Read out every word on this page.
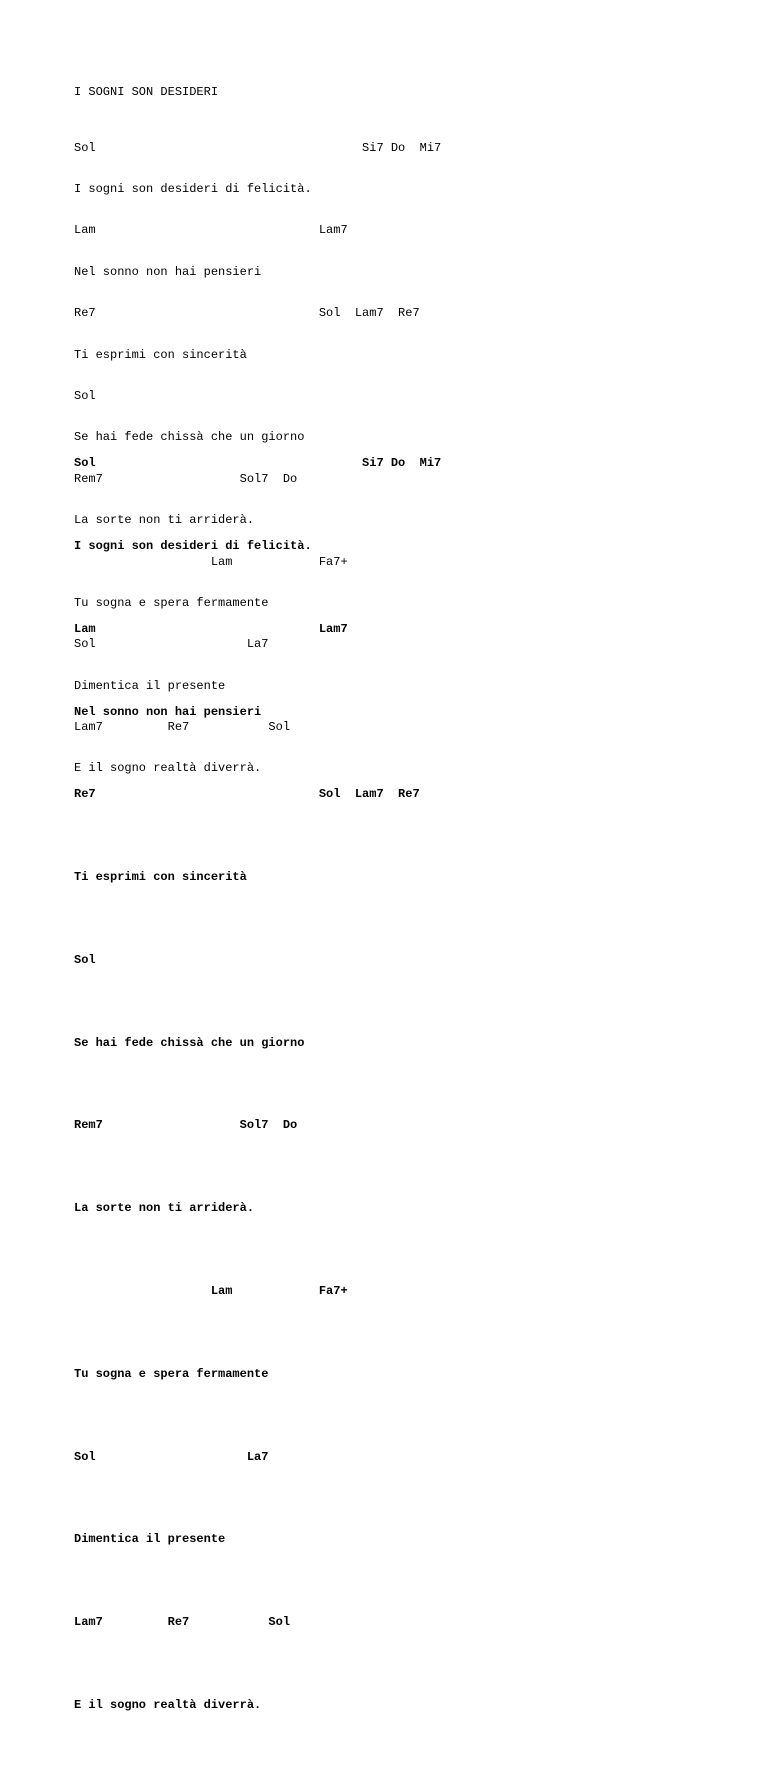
I SOGNI SON DESIDERI

Sol                                     Si7 Do  Mi7

I sogni son desideri di felicità.

Lam                               Lam7

Nel sonno non hai pensieri

Re7                               Sol  Lam7  Re7

Ti esprimi con sincerità

Sol

Se hai fede chissà che un giorno

Rem7                   Sol7  Do

La sorte non ti arriderà.

Lam            Fa7+

Tu sogna e spera fermamente

Sol                     La7

Dimentica il presente

Lam7         Re7           Sol

E il sogno realtà diverrà.

Sol                                     Si7 Do  Mi7

I sogni son desideri di felicità.

Lam                               Lam7

Nel sonno non hai pensieri

Re7                               Sol  Lam7  Re7

Ti esprimi con sincerità

Sol

Se hai fede chissà che un giorno

Rem7                   Sol7  Do

La sorte non ti arriderà.

Lam            Fa7+

Tu sogna e spera fermamente

Sol                     La7

Dimentica il presente

Lam7         Re7           Sol

E il sogno realtà diverrà.
